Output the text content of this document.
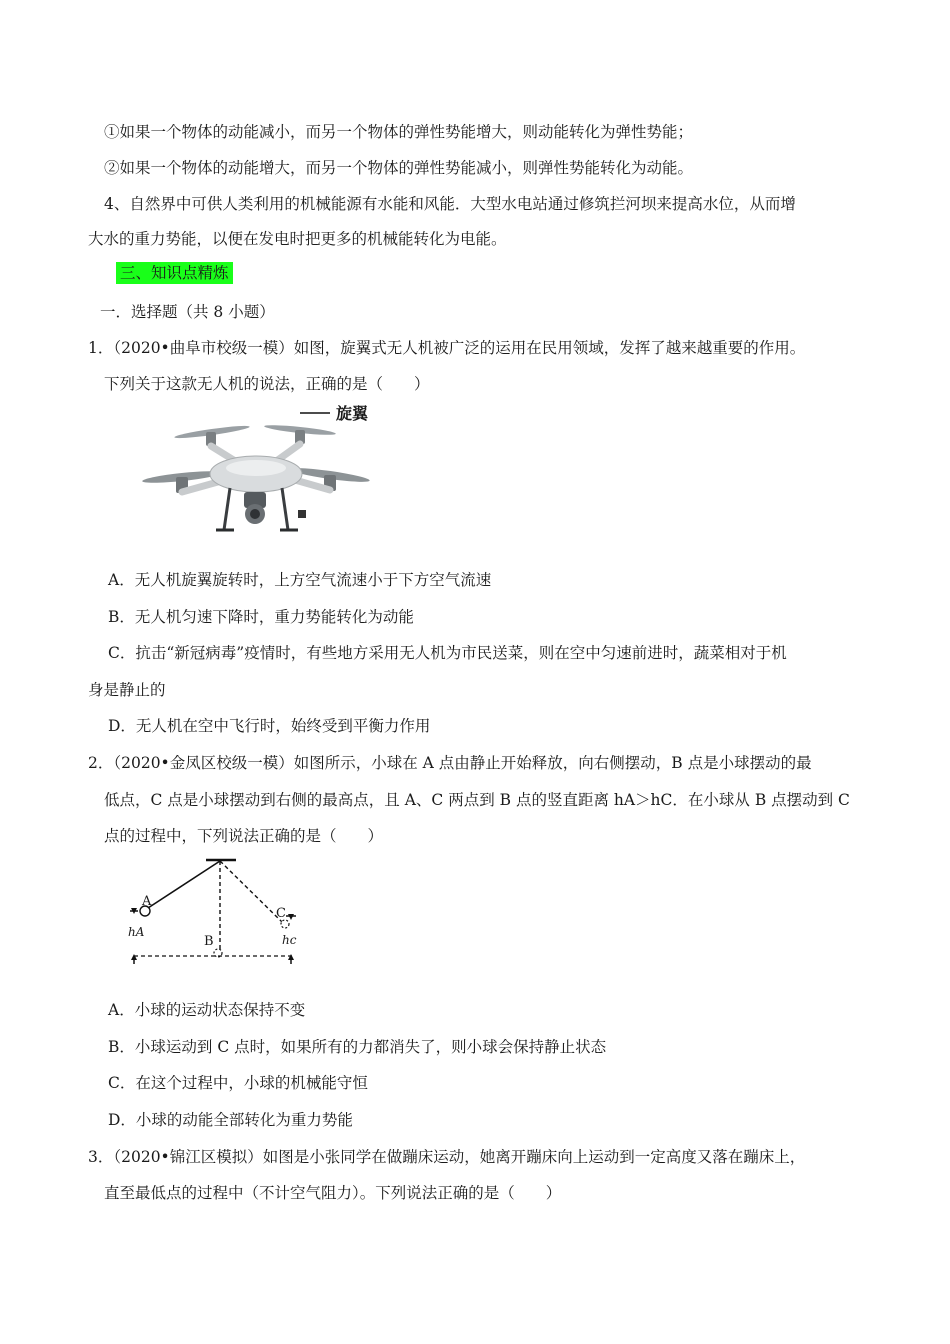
①如果一个物体的动能减小，而另一个物体的弹性势能增大，则动能转化为弹性势能；
②如果一个物体的动能增大，而另一个物体的弹性势能减小，则弹性势能转化为动能。
4、自然界中可供人类利用的机械能源有水能和风能．大型水电站通过修筑拦河坝来提高水位，从而增
大水的重力势能，以便在发电时把更多的机械能转化为电能。
三、知识点精炼
一．选择题（共 8 小题）
1．（2020•曲阜市校级一模）如图，旋翼式无人机被广泛的运用在民用领域，发挥了越来越重要的作用。
下列关于这款无人机的说法，正确的是（　　）
旋翼
A．无人机旋翼旋转时，上方空气流速小于下方空气流速
B．无人机匀速下降时，重力势能转化为动能
C．抗击“新冠病毒”疫情时，有些地方采用无人机为市民送菜，则在空中匀速前进时，蔬菜相对于机
身是静止的
D．无人机在空中飞行时，始终受到平衡力作用
2．（2020•金凤区校级一模）如图所示，小球在 A 点由静止开始释放，向右侧摆动，B 点是小球摆动的最
低点，C 点是小球摆动到右侧的最高点，且 A、C 两点到 B 点的竖直距离 hA＞hC．在小球从 B 点摆动到 C
点的过程中，下列说法正确的是（　　）
A
B
C
hA
hc
A．小球的运动状态保持不变
B．小球运动到 C 点时，如果所有的力都消失了，则小球会保持静止状态
C．在这个过程中，小球的机械能守恒
D．小球的动能全部转化为重力势能
3．（2020•锦江区模拟）如图是小张同学在做蹦床运动，她离开蹦床向上运动到一定高度又落在蹦床上，
直至最低点的过程中（不计空气阻力）。下列说法正确的是（　　）
